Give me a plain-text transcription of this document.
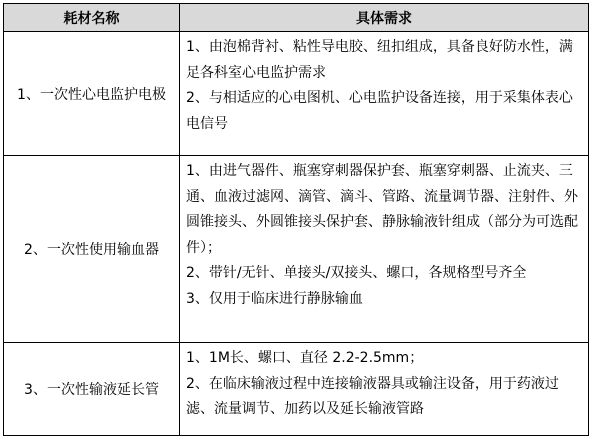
耗材名称	具体需求
1、一次性心电监护电极	1、由泡棉背衬、粘性导电胶、纽扣组成，具备良好防水性，满足各科室心电监护需求

2、与相适应的心电图机、心电监护设备连接，用于采集体表心电信号

2、一次性使用输血器	1、由进气器件、瓶塞穿刺器保护套、瓶塞穿刺器、止流夹、三通、血液过滤网、滴管、滴斗、管路、流量调节器、注射件、外圆锥接头、外圆锥接头保护套、静脉输液针组成（部分为可选配件）；

2、带针/无针、单接头/双接头、螺口，各规格型号齐全

3、仅用于临床进行静脉输血

3、一次性输液延长管	1、1M长、螺口、直径 2.2-2.5mm；

2、在临床输液过程中连接输液器具或输注设备，用于药液过滤、流量调节、加药以及延长输液管路
